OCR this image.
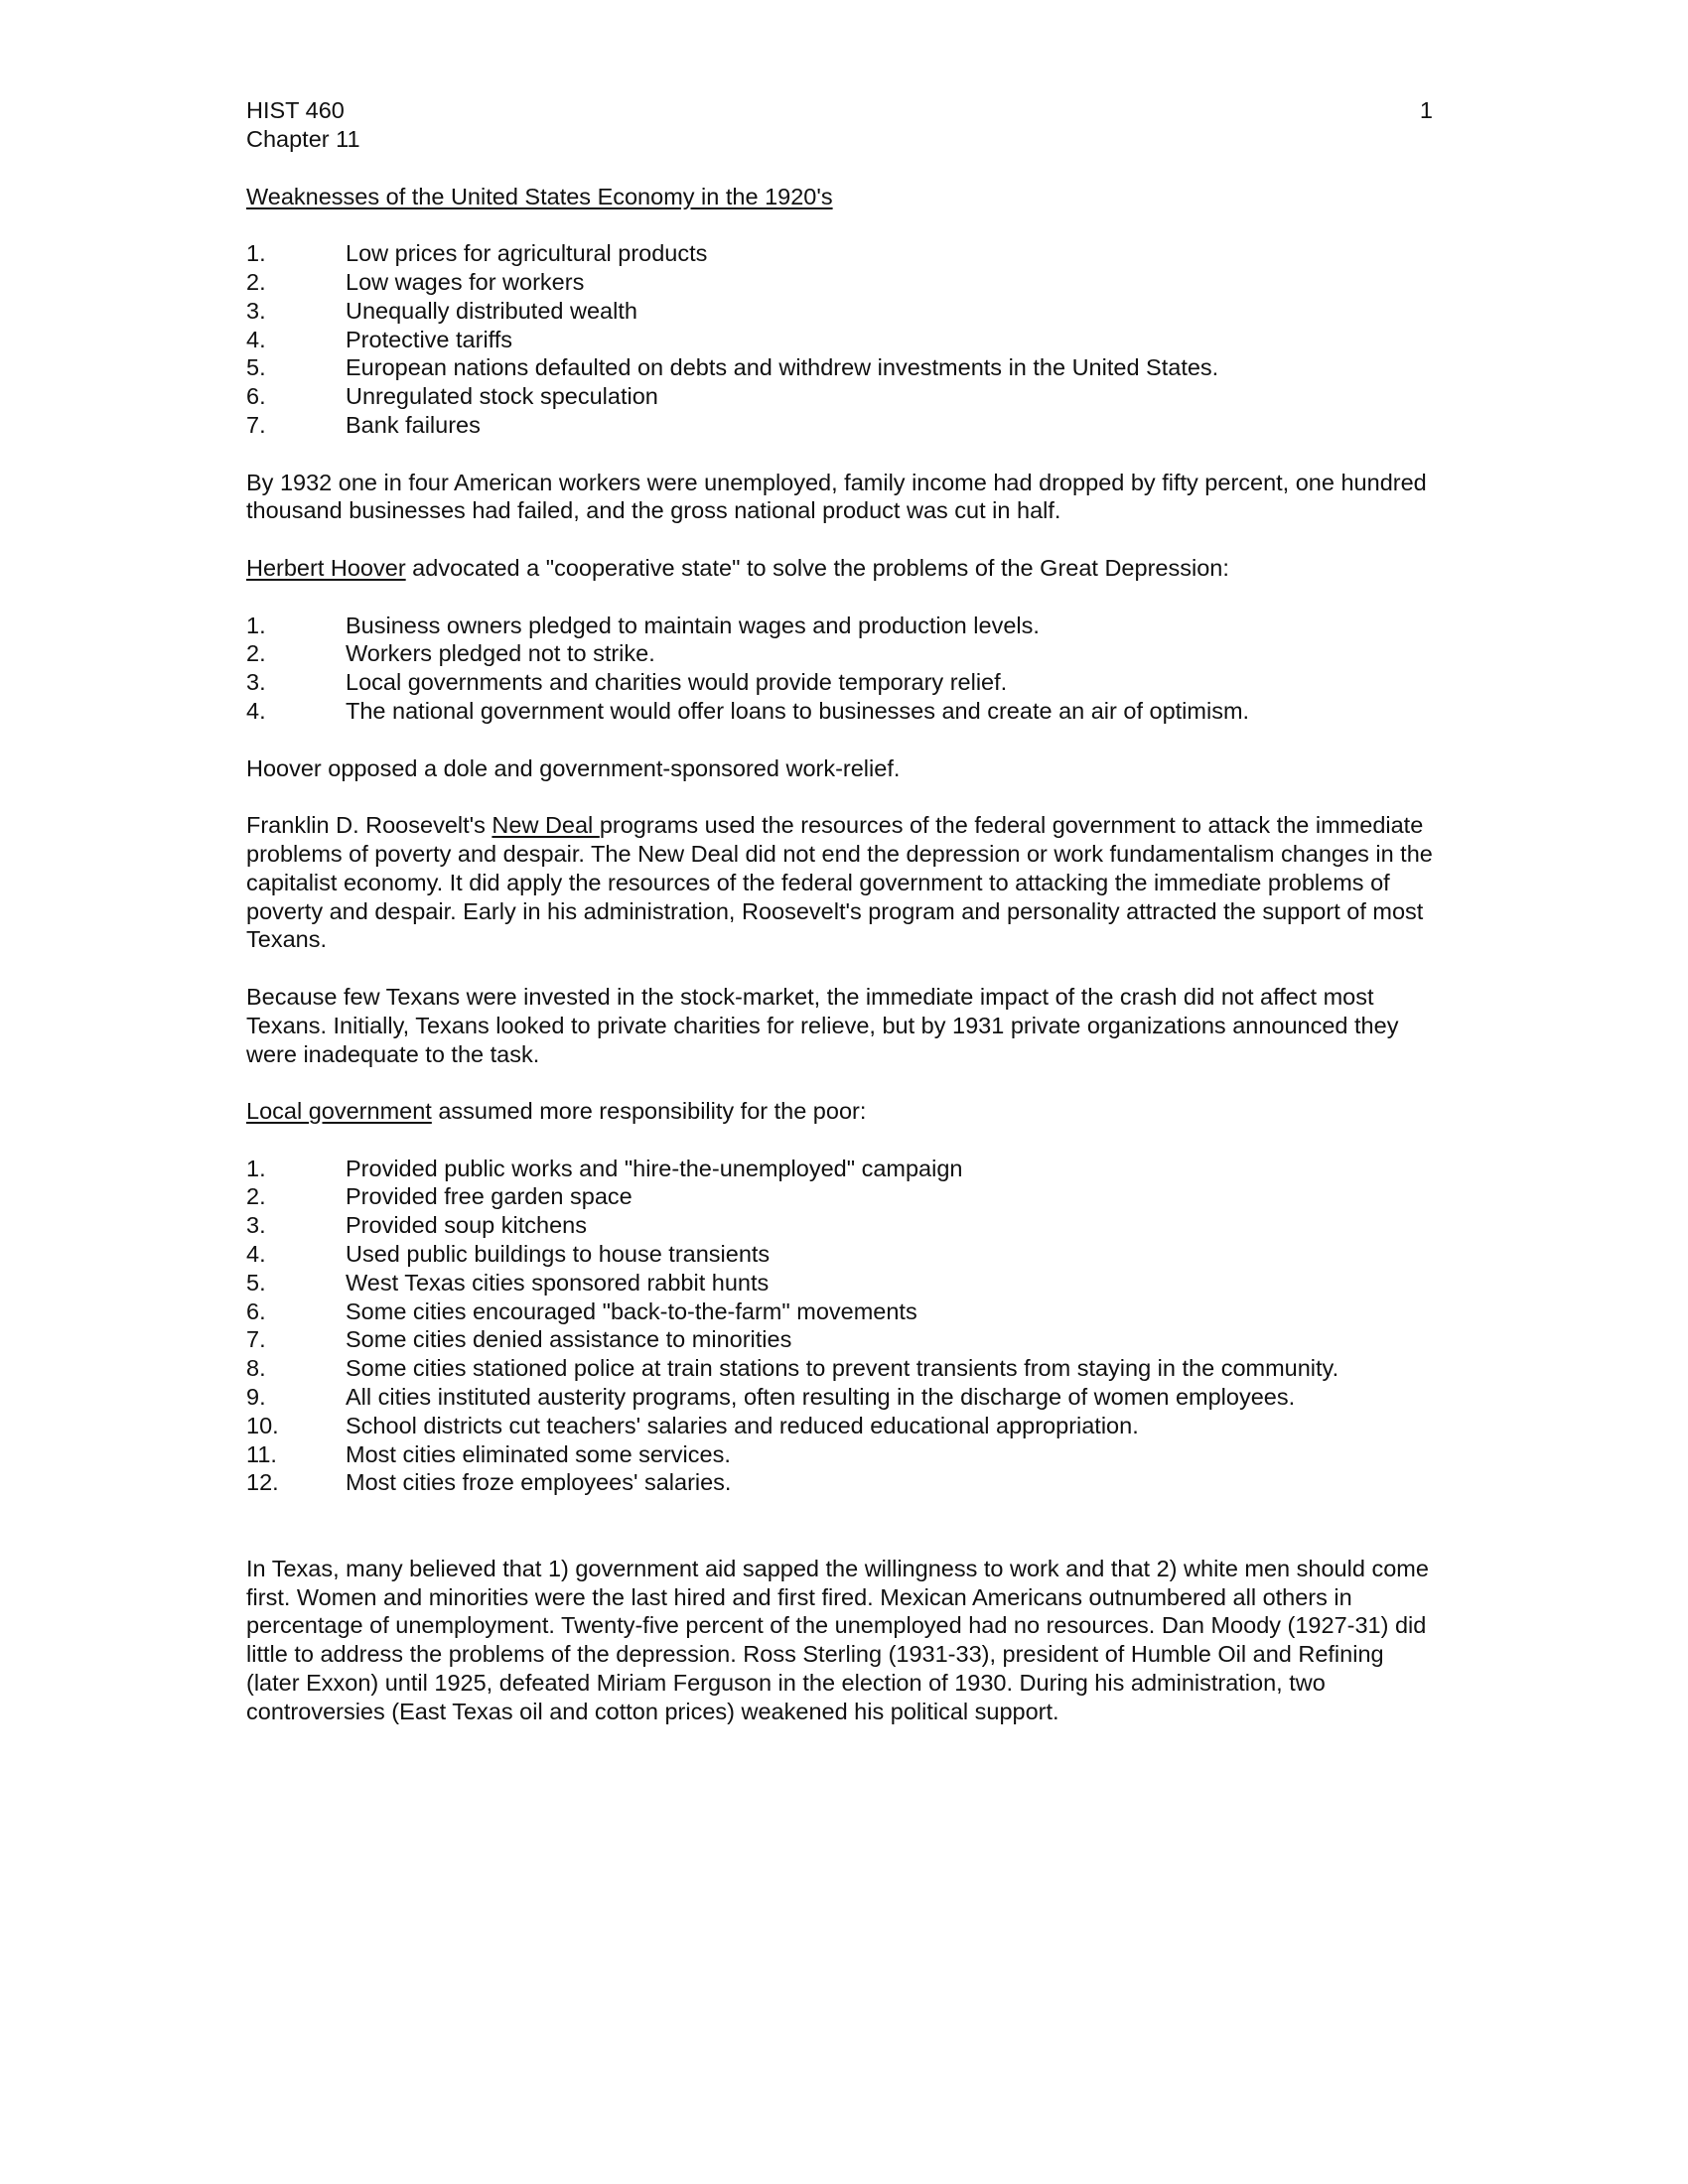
HIST 460
Chapter 11
1
Weaknesses of the United States Economy in the 1920's
1.	Low prices for agricultural products
2.	Low wages for workers
3.	Unequally distributed wealth
4.	Protective tariffs
5.	European nations defaulted on debts and withdrew investments in the United States.
6.	Unregulated stock speculation
7.	Bank failures

By 1932 one in four American workers were unemployed, family income had dropped by fifty percent, one hundred thousand businesses had failed, and the gross national product was cut in half.

Herbert Hoover advocated a "cooperative state" to solve the problems of the Great Depression:

1.	Business owners pledged to maintain wages and production levels.
2.	Workers pledged not to strike.
3.	Local governments and charities would provide temporary relief.
4.	The national government would offer loans to businesses and create an air of optimism.

Hoover opposed a dole and government-sponsored work-relief.

Franklin D. Roosevelt's New Deal programs used the resources of the federal government to attack the immediate problems of poverty and despair. The New Deal did not end the depression or work fundamentalism changes in the capitalist economy. It did apply the resources of the federal government to attacking the immediate problems of poverty and despair. Early in his administration, Roosevelt's program and personality attracted the support of most Texans.

Because few Texans were invested in the stock-market, the immediate impact of the crash did not affect most Texans. Initially, Texans looked to private charities for relieve, but by 1931 private organizations announced they were inadequate to the task.

Local government assumed more responsibility for the poor:

1.	Provided public works and "hire-the-unemployed" campaign
2.	Provided free garden space
3.	Provided soup kitchens
4.	Used public buildings to house transients
5.	West Texas cities sponsored rabbit hunts
6.	Some cities encouraged "back-to-the-farm" movements
7.	Some cities denied assistance to minorities
8.	Some cities stationed police at train stations to prevent transients from staying in the community.
9.	All cities instituted austerity programs, often resulting in the discharge of women employees.
10.	School districts cut teachers' salaries and reduced educational appropriation.
11.	Most cities eliminated some services.
12.	Most cities froze employees' salaries.

In Texas, many believed that 1) government aid sapped the willingness to work and that 2) white men should come first. Women and minorities were the last hired and first fired. Mexican Americans outnumbered all others in percentage of unemployment. Twenty-five percent of the unemployed had no resources. Dan Moody (1927-31) did little to address the problems of the depression. Ross Sterling (1931-33), president of Humble Oil and Refining (later Exxon) until 1925, defeated Miriam Ferguson in the election of 1930. During his administration, two controversies (East Texas oil and cotton prices) weakened his political support.
